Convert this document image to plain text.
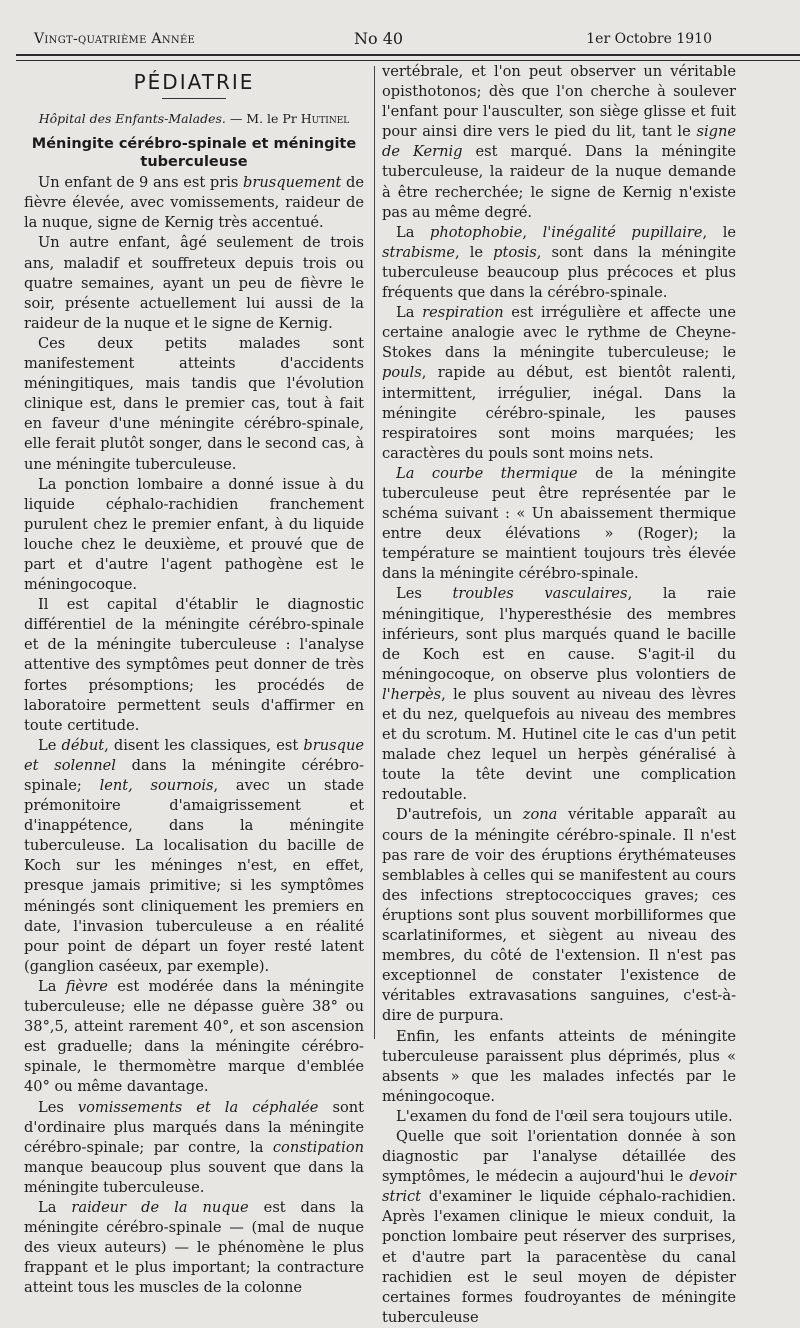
Vingt-quatrième Année	No 40	1er Octobre 1910
PÉDIATRIE
Hôpital des Enfants-Malades. — M. le Pr Hutinel
Méningite cérébro-spinale et méningite tuberculeuse

Un enfant de 9 ans est pris brusquement de fièvre élevée, avec vomissements, raideur de la nuque, signe de Kernig très accentué.

Un autre enfant, âgé seulement de trois ans, maladif et souffreteux depuis trois ou quatre semaines, ayant un peu de fièvre le soir, présente actuellement lui aussi de la raideur de la nuque et le signe de Kernig.

Ces deux petits malades sont manifestement atteints d'accidents méningitiques, mais tandis que l'évolution clinique est, dans le premier cas, tout à fait en faveur d'une méningite cérébro-spinale, elle ferait plutôt songer, dans le second cas, à une méningite tuberculeuse.

La ponction lombaire a donné issue à du liquide céphalo-rachidien franchement purulent chez le premier enfant, à du liquide louche chez le deuxième, et prouvé que de part et d'autre l'agent pathogène est le méningocoque.

Il est capital d'établir le diagnostic différentiel de la méningite cérébro-spinale et de la méningite tuberculeuse : l'analyse attentive des symptômes peut donner de très fortes présomptions; les procédés de laboratoire permettent seuls d'affirmer en toute certitude.

Le début, disent les classiques, est brusque et solennel dans la méningite cérébro-spinale; lent, sournois, avec un stade prémonitoire d'amaigrissement et d'inappétence, dans la méningite tuberculeuse. La localisation du bacille de Koch sur les méninges n'est, en effet, presque jamais primitive; si les symptômes méningés sont cliniquement les premiers en date, l'invasion tuberculeuse a en réalité pour point de départ un foyer resté latent (ganglion caséeux, par exemple).

La fièvre est modérée dans la méningite tuberculeuse; elle ne dépasse guère 38° ou 38°,5, atteint rarement 40°, et son ascension est graduelle; dans la méningite cérébro-spinale, le thermomètre marque d'emblée 40° ou même davantage.

Les vomissements et la céphalée sont d'ordinaire plus marqués dans la méningite cérébro-spinale; par contre, la constipation manque beaucoup plus souvent que dans la méningite tuberculeuse.

La raideur de la nuque est dans la méningite cérébro-spinale — (mal de nuque des vieux auteurs) — le phénomène le plus frappant et le plus important; la contracture atteint tous les muscles de la colonne

vertébrale, et l'on peut observer un véritable opisthotonos; dès que l'on cherche à soulever l'enfant pour l'ausculter, son siège glisse et fuit pour ainsi dire vers le pied du lit, tant le signe de Kernig est marqué. Dans la méningite tuberculeuse, la raideur de la nuque demande à être recherchée; le signe de Kernig n'existe pas au même degré.

La photophobie, l'inégalité pupillaire, le strabisme, le ptosis, sont dans la méningite tuberculeuse beaucoup plus précoces et plus fréquents que dans la cérébro-spinale.

La respiration est irrégulière et affecte une certaine analogie avec le rythme de Cheyne-Stokes dans la méningite tuberculeuse; le pouls, rapide au début, est bientôt ralenti, intermittent, irrégulier, inégal. Dans la méningite cérébro-spinale, les pauses respiratoires sont moins marquées; les caractères du pouls sont moins nets.

La courbe thermique de la méningite tuberculeuse peut être représentée par le schéma suivant : « Un abaissement thermique entre deux élévations » (Roger); la température se maintient toujours très élevée dans la méningite cérébro-spinale.

Les troubles vasculaires, la raie méningitique, l'hyperesthésie des membres inférieurs, sont plus marqués quand le bacille de Koch est en cause. S'agit-il du méningocoque, on observe plus volontiers de l'herpès, le plus souvent au niveau des lèvres et du nez, quelquefois au niveau des membres et du scrotum. M. Hutinel cite le cas d'un petit malade chez lequel un herpès généralisé à toute la tête devint une complication redoutable.

D'autrefois, un zona véritable apparaît au cours de la méningite cérébro-spinale. Il n'est pas rare de voir des éruptions érythémateuses semblables à celles qui se manifestent au cours des infections streptococciques graves; ces éruptions sont plus souvent morbilliformes que scarlatiniformes, et siègent au niveau des membres, du côté de l'extension. Il n'est pas exceptionnel de constater l'existence de véritables extravasations sanguines, c'est-à-dire de purpura.

Enfin, les enfants atteints de méningite tuberculeuse paraissent plus déprimés, plus « absents » que les malades infectés par le méningocoque.

L'examen du fond de l'œil sera toujours utile.

Quelle que soit l'orientation donnée à son diagnostic par l'analyse détaillée des symptômes, le médecin a aujourd'hui le devoir strict d'examiner le liquide céphalo-rachidien. Après l'examen clinique le mieux conduit, la ponction lombaire peut réserver des surprises, et d'autre part la paracentèse du canal rachidien est le seul moyen de dépister certaines formes foudroyantes de méningite tuberculeuse
